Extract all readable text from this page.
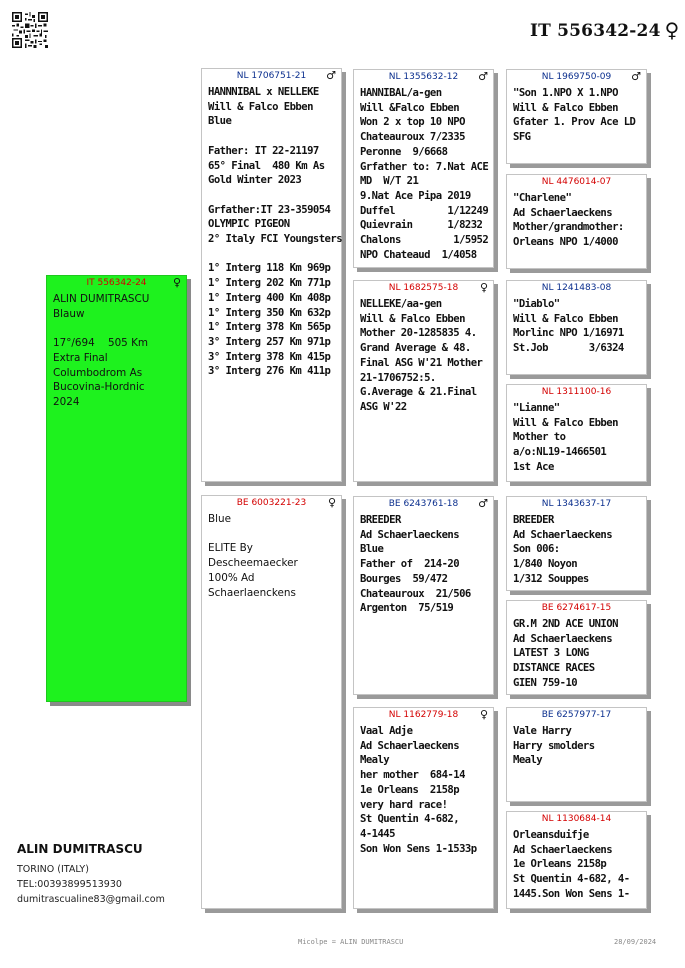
IT 556342-24 ♀
IT 556342-24 ♀
ALIN DUMITRASCU
Blauw

17°/694    505 Km
Extra Final
Columbodrom As
Bucovina-Hordnic
2024
NL 1706751-21 ♂
HANNNIBAL x NELLEKE
Will & Falco Ebben
Blue

Father: IT 22-21197
65° Final  480 Km As
Gold Winter 2023

Grfather:IT 23-359054
OLYMPIC PIGEON
2° Italy FCI Youngsters

1° Interg 118 Km 969p
1° Interg 202 Km 771p
1° Interg 400 Km 408p
1° Interg 350 Km 632p
1° Interg 378 Km 565p
3° Interg 257 Km 971p
3° Interg 378 Km 415p
3° Interg 276 Km 411p
BE 6003221-23 ♀
Blue

ELITE By
Descheemaecker
100% Ad
Schaerlaenckens
NL 1355632-12 ♂
HANNIBAL/a-gen
Will &Falco Ebben
Won 2 x top 10 NPO
Chateauroux 7/2335
Peronne  9/6668
Grfather to: 7.Nat ACE
MD  W/T 21
9.Nat Ace Pipa 2019
Duffel         1/12249
Quievrain      1/8232
Chalons         1/5952
NPO Chateaud  1/4058
NL 1682575-18 ♀
NELLEKE/aa-gen
Will & Falco Ebben
Mother 20-1285835 4.
Grand Average & 48.
Final ASG W'21 Mother
21-1706752:5.
G.Average & 21.Final
ASG W'22
BE 6243761-18 ♂
BREEDER
Ad Schaerlaeckens
Blue
Father of  214-20
Bourges  59/472
Chateauroux  21/506
Argenton  75/519
NL 1162779-18 ♀
Vaal Adje
Ad Schaerlaeckens
Mealy
her mother  684-14
1e Orleans  2158p
very hard race!
St Quentin 4-682,
4-1445
Son Won Sens 1-1533p
NL 1969750-09 ♂
"Son 1.NPO X 1.NPO
Will & Falco Ebben
Gfater 1. Prov Ace LD
SFG
NL 4476014-07
"Charlene"
Ad Schaerlaeckens
Mother/grandmother:
Orleans NPO 1/4000
NL 1241483-08
"Diablo"
Will & Falco Ebben
Morlinc NPO 1/16971
St.Job       3/6324
NL 1311100-16
"Lianne"
Will & Falco Ebben
Mother to
a/o:NL19-1466501
1st Ace
NL 1343637-17
BREEDER
Ad Schaerlaeckens
Son 006:
1/840 Noyon
1/312 Souppes
BE 6274617-15
GR.M 2ND ACE UNION
Ad Schaerlaeckens
LATEST 3 LONG
DISTANCE RACES
GIEN 759-10
BE 6257977-17
Vale Harry
Harry smolders
Mealy
NL 1130684-14
Orleansduifje
Ad Schaerlaeckens
1e Orleans 2158p
St Quentin 4-682, 4-
1445.Son Won Sens 1-
ALIN DUMITRASCU
TORINO (ITALY)
TEL:00393899513930
dumitrascualine83@gmail.com
Micolpe = ALIN DUMITRASCU	28/09/2024
